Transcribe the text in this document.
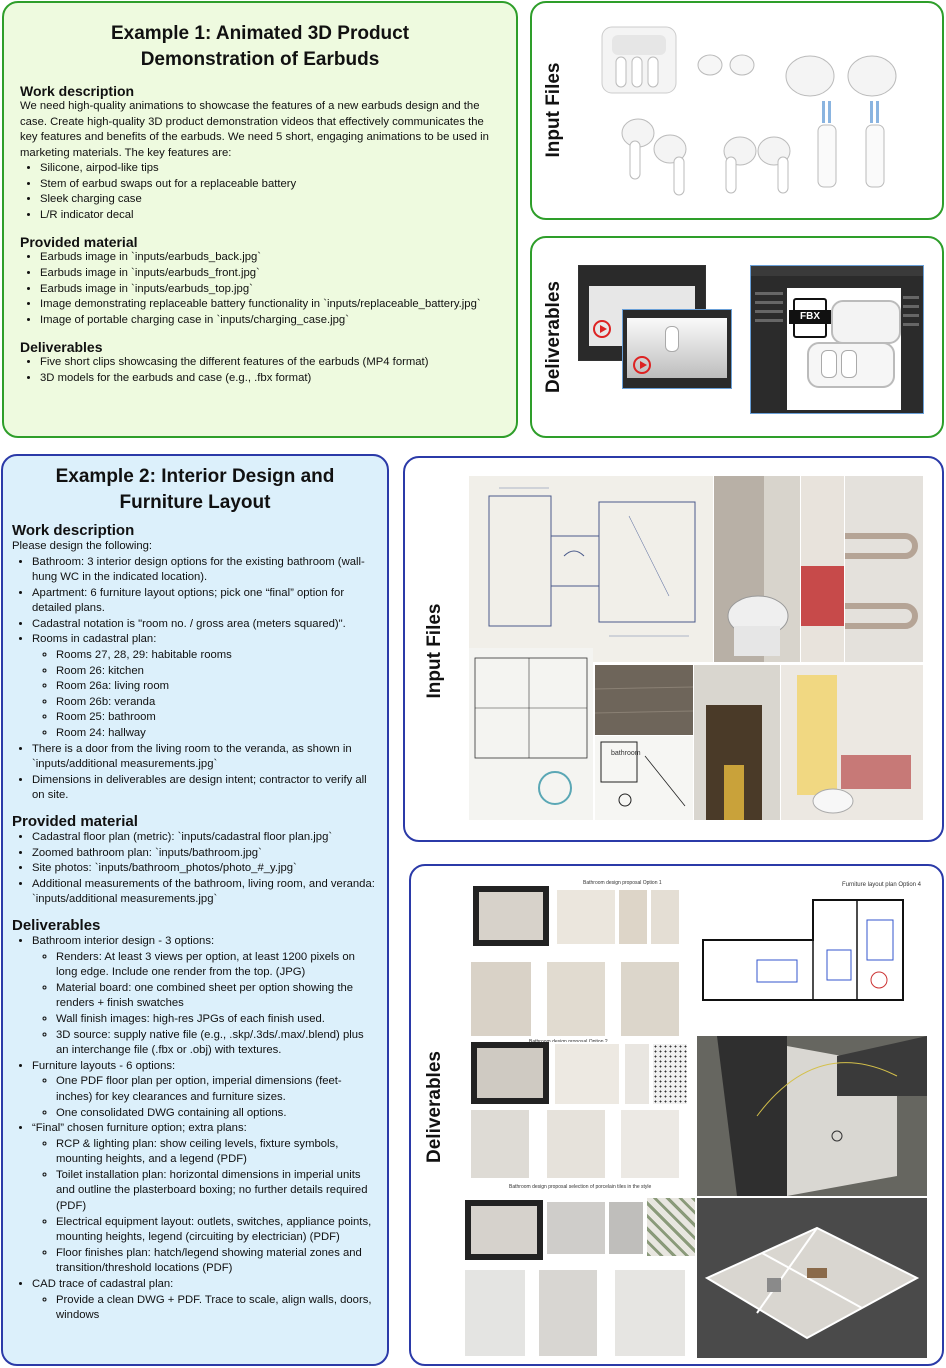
Example 1: Animated 3D Product
Demonstration of Earbuds
Work description
We need high-quality animations to showcase the features of a new earbuds design and the case. Create high-quality 3D product demonstration videos that effectively communicates the key features and benefits of the earbuds. We need 5 short, engaging animations to be used in marketing materials. The key features are:
• Silicone, airpod-like tips
• Stem of earbud swaps out for a replaceable battery
• Sleek charging case
• L/R indicator decal
Provided material
• Earbuds image in `inputs/earbuds_back.jpg`
• Earbuds image in `inputs/earbuds_front.jpg`
• Earbuds image in `inputs/earbuds_top.jpg`
• Image demonstrating replaceable battery functionality in `inputs/replaceable_battery.jpg`
• Image of portable charging case in `inputs/charging_case.jpg`
Deliverables
• Five short clips showcasing the different features of the earbuds (MP4 format)
• 3D models for the earbuds and case (e.g., .fbx format)
Input Files
Deliverables	FBX
Example 2: Interior Design and
Furniture Layout
Work description
Please design the following:
• Bathroom: 3 interior design options for the existing bathroom (wall-hung WC in the indicated location).
• Apartment: 6 furniture layout options; pick one “final” option for detailed plans.
• Cadastral notation is "room no. / gross area (meters squared)".
• Rooms in cadastral plan:
◦ Rooms 27, 28, 29: habitable rooms
◦ Room 26: kitchen
◦ Room 26a: living room
◦ Room 26b: veranda
◦ Room 25: bathroom
◦ Room 24: hallway
• There is a door from the living room to the veranda, as shown in `inputs/additional measurements.jpg`
• Dimensions in deliverables are design intent; contractor to verify all on site.
Provided material
• Cadastral floor plan (metric): `inputs/cadastral floor plan.jpg`
• Zoomed bathroom plan: `inputs/bathroom.jpg`
• Site photos: `inputs/bathroom_photos/photo_#_y.jpg`
• Additional measurements of the bathroom, living room, and veranda: `inputs/additional measurements.jpg`
Deliverables
• Bathroom interior design - 3 options:
◦ Renders: At least 3 views per option, at least 1200 pixels on long edge. Include one render from the top. (JPG)
◦ Material board: one combined sheet per option showing the renders + finish swatches
◦ Wall finish images: high-res JPGs of each finish used.
◦ 3D source: supply native file (e.g., .skp/.3ds/.max/.blend) plus an interchange file (.fbx or .obj) with textures.
• Furniture layouts - 6 options:
◦ One PDF floor plan per option, imperial dimensions (feet-inches) for key clearances and furniture sizes.
◦ One consolidated DWG containing all options.
• “Final” chosen furniture option; extra plans:
◦ RCP & lighting plan: show ceiling levels, fixture symbols, mounting heights, and a legend (PDF)
◦ Toilet installation plan: horizontal dimensions in imperial units and outline the plasterboard boxing; no further details required (PDF)
◦ Electrical equipment layout: outlets, switches, appliance points, mounting heights, legend (circuiting by electrician) (PDF)
◦ Floor finishes plan: hatch/legend showing material zones and transition/threshold locations (PDF)
• CAD trace of cadastral plan:
◦ Provide a clean DWG + PDF. Trace to scale, align walls, doors, windows
Input Files
bathroom
Deliverables
Bathroom design proposal Option 1	Furniture layout plan Option 4
Bathroom design proposal selection of porcelain tiles in the style
